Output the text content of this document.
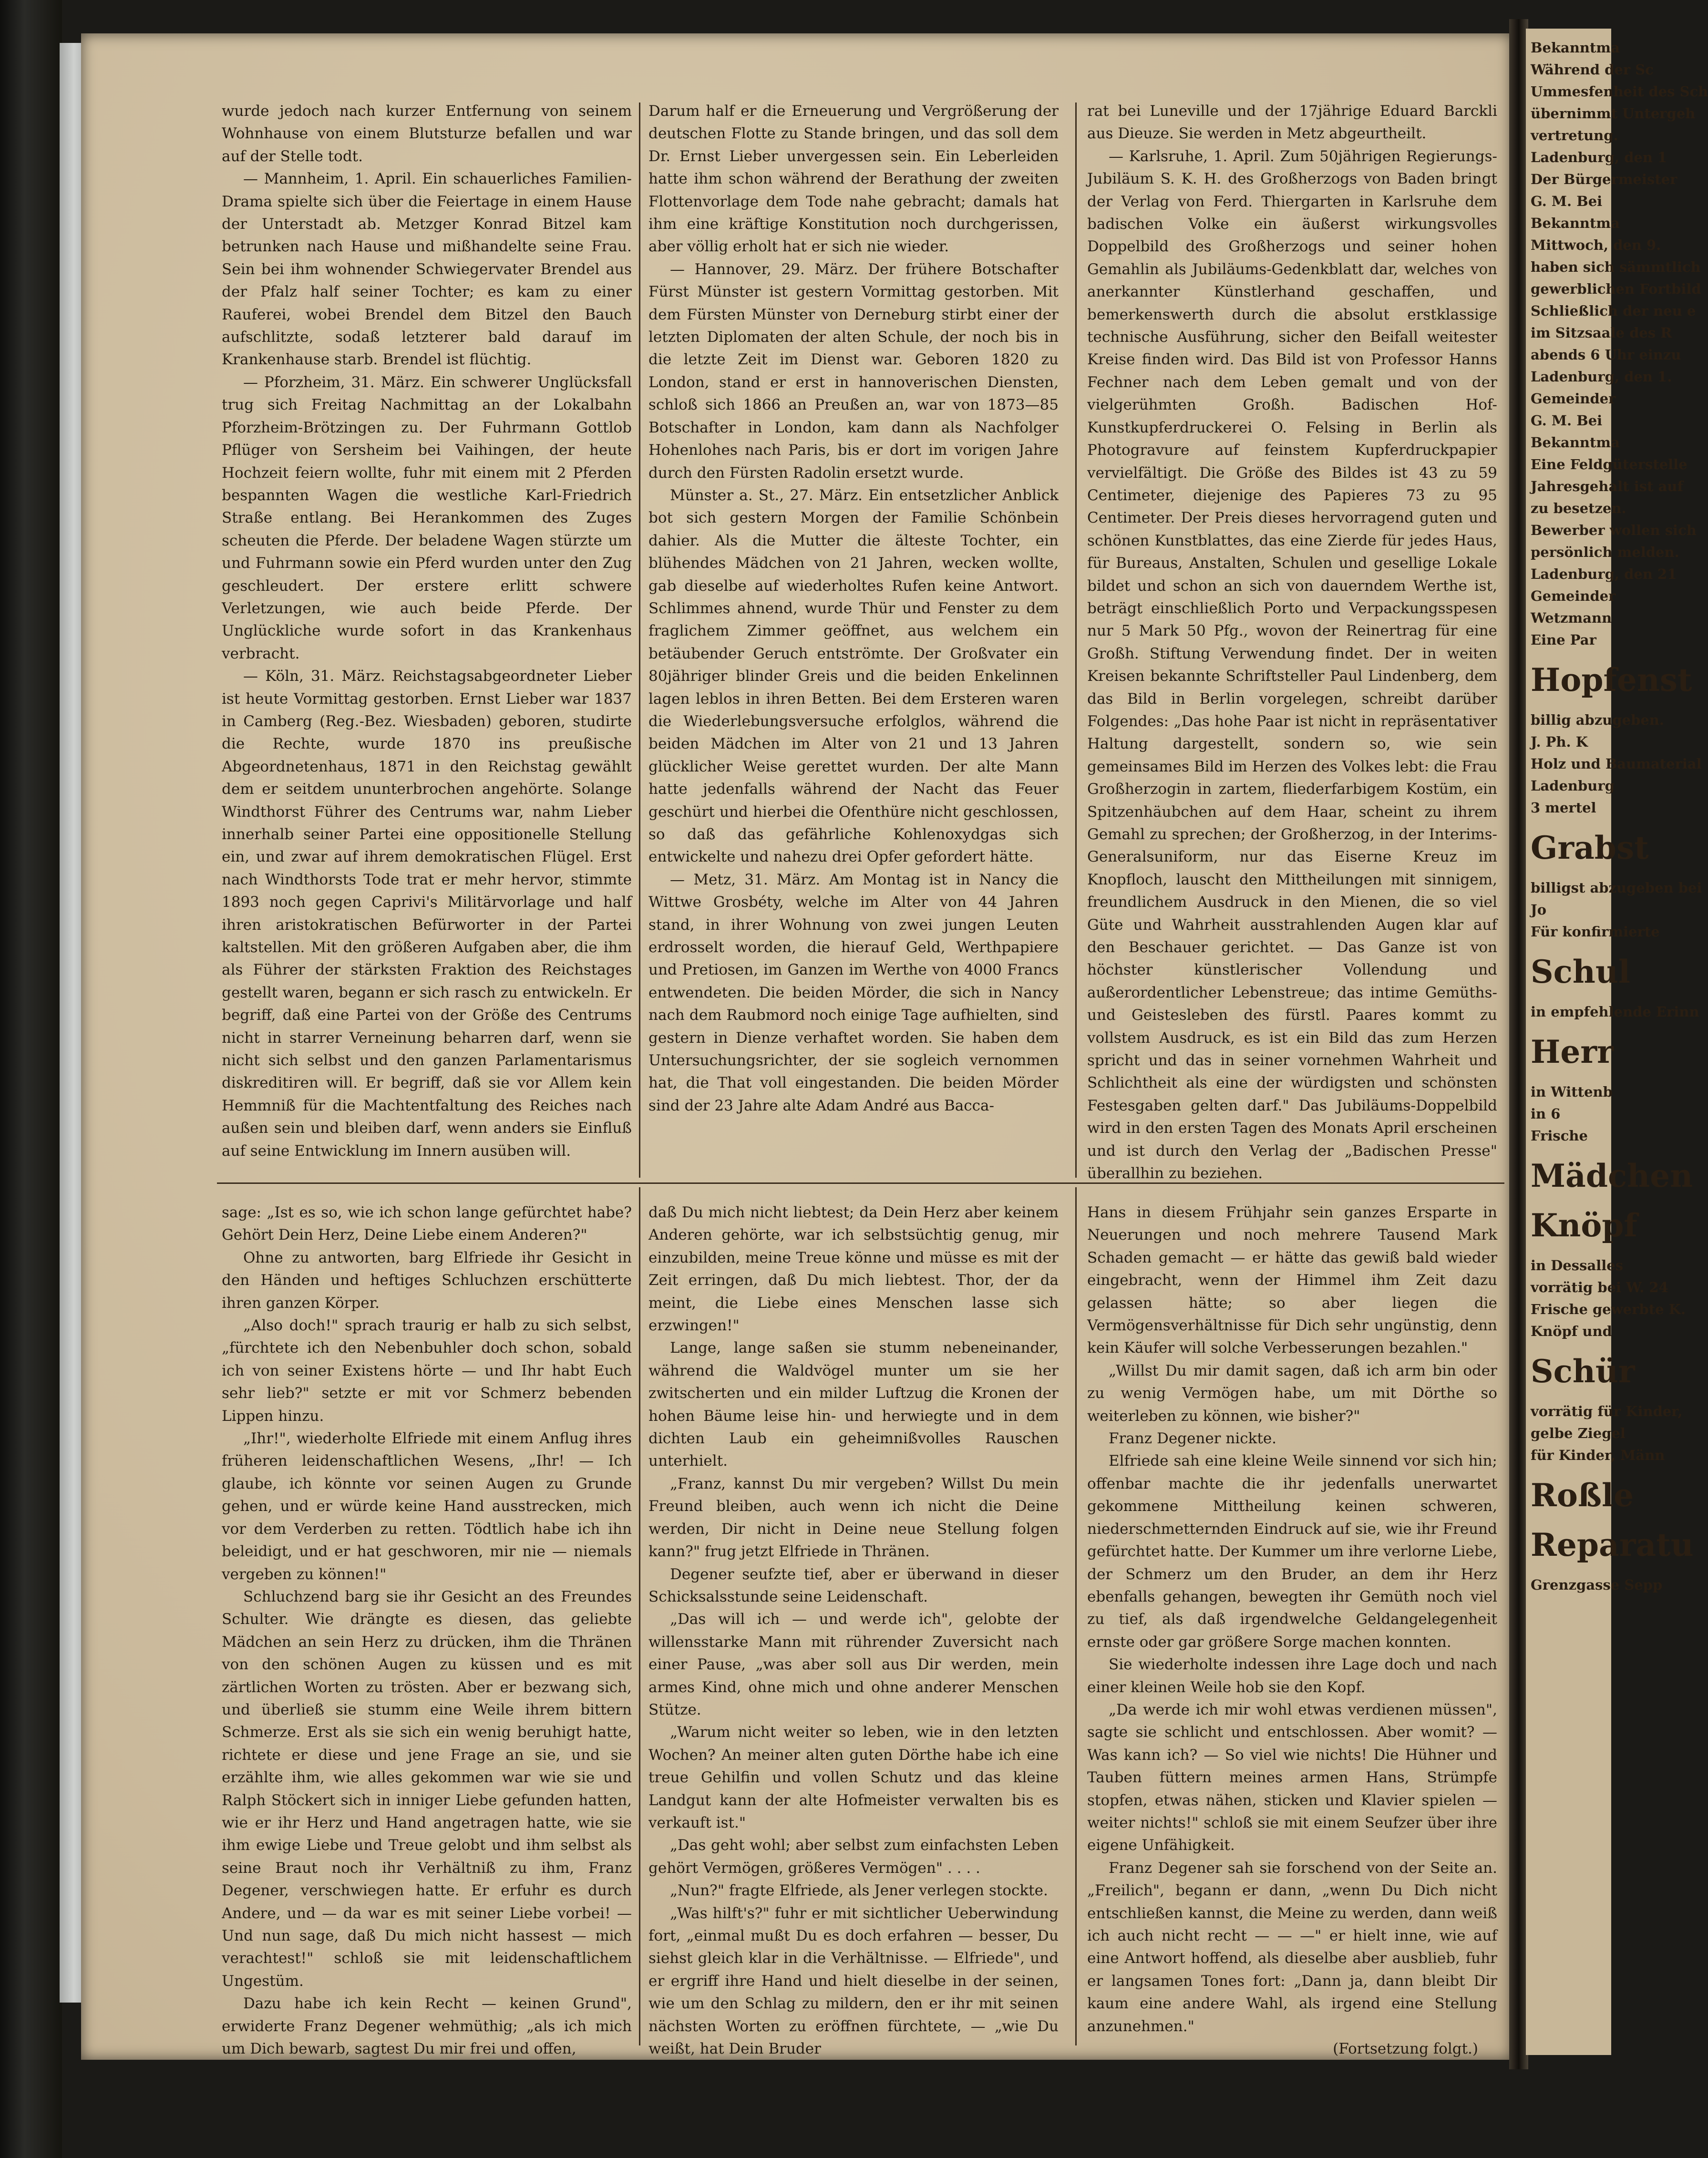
wurde jedoch nach kurzer Entfernung von seinem Wohnhause von einem Blutsturze befallen und war auf der Stelle todt.

— Mannheim, 1. April. Ein schauerliches Familien-Drama spielte sich über die Feiertage in einem Hause der Unterstadt ab. Metzger Konrad Bitzel kam betrunken nach Hause und mißhandelte seine Frau. Sein bei ihm wohnender Schwiegervater Brendel aus der Pfalz half seiner Tochter; es kam zu einer Rauferei, wobei Brendel dem Bitzel den Bauch aufschlitzte, sodaß letzterer bald darauf im Krankenhause starb. Brendel ist flüchtig.

— Pforzheim, 31. März. Ein schwerer Unglücksfall trug sich Freitag Nachmittag an der Lokalbahn Pforzheim-Brötzingen zu. Der Fuhrmann Gottlob Pflüger von Sersheim bei Vaihingen, der heute Hochzeit feiern wollte, fuhr mit einem mit 2 Pferden bespannten Wagen die westliche Karl-Friedrich Straße entlang. Bei Herankommen des Zuges scheuten die Pferde. Der beladene Wagen stürzte um und Fuhrmann sowie ein Pferd wurden unter den Zug geschleudert. Der erstere erlitt schwere Verletzungen, wie auch beide Pferde. Der Unglückliche wurde sofort in das Krankenhaus verbracht.

— Köln, 31. März. Reichstagsabgeordneter Lieber ist heute Vormittag gestorben. Ernst Lieber war 1837 in Camberg (Reg.-Bez. Wiesbaden) geboren, studirte die Rechte, wurde 1870 ins preußische Abgeordnetenhaus, 1871 in den Reichstag gewählt dem er seitdem ununterbrochen angehörte. Solange Windthorst Führer des Centrums war, nahm Lieber innerhalb seiner Partei eine oppositionelle Stellung ein, und zwar auf ihrem demokratischen Flügel. Erst nach Windthorsts Tode trat er mehr hervor, stimmte 1893 noch gegen Caprivi's Militärvorlage und half ihren aristokratischen Befürworter in der Partei kaltstellen. Mit den größeren Aufgaben aber, die ihm als Führer der stärksten Fraktion des Reichstages gestellt waren, begann er sich rasch zu entwickeln. Er begriff, daß eine Partei von der Größe des Centrums nicht in starrer Verneinung beharren darf, wenn sie nicht sich selbst und den ganzen Parlamentarismus diskreditiren will. Er begriff, daß sie vor Allem kein Hemmniß für die Machtentfaltung des Reiches nach außen sein und bleiben darf, wenn anders sie Einfluß auf seine Entwicklung im Innern ausüben will.

Darum half er die Erneuerung und Vergrößerung der deutschen Flotte zu Stande bringen, und das soll dem Dr. Ernst Lieber unvergessen sein. Ein Leberleiden hatte ihm schon während der Berathung der zweiten Flottenvorlage dem Tode nahe gebracht; damals hat ihm eine kräftige Konstitution noch durchgerissen, aber völlig erholt hat er sich nie wieder.

— Hannover, 29. März. Der frühere Botschafter Fürst Münster ist gestern Vormittag gestorben. Mit dem Fürsten Münster von Derneburg stirbt einer der letzten Diplomaten der alten Schule, der noch bis in die letzte Zeit im Dienst war. Geboren 1820 zu London, stand er erst in hannoverischen Diensten, schloß sich 1866 an Preußen an, war von 1873—85 Botschafter in London, kam dann als Nachfolger Hohenlohes nach Paris, bis er dort im vorigen Jahre durch den Fürsten Radolin ersetzt wurde.

Münster a. St., 27. März. Ein entsetzlicher Anblick bot sich gestern Morgen der Familie Schönbein dahier. Als die Mutter die älteste Tochter, ein blühendes Mädchen von 21 Jahren, wecken wollte, gab dieselbe auf wiederholtes Rufen keine Antwort. Schlimmes ahnend, wurde Thür und Fenster zu dem fraglichem Zimmer geöffnet, aus welchem ein betäubender Geruch entströmte. Der Großvater ein 80jähriger blinder Greis und die beiden Enkelinnen lagen leblos in ihren Betten. Bei dem Ersteren waren die Wiederlebungsversuche erfolglos, während die beiden Mädchen im Alter von 21 und 13 Jahren glücklicher Weise gerettet wurden. Der alte Mann hatte jedenfalls während der Nacht das Feuer geschürt und hierbei die Ofenthüre nicht geschlossen, so daß das gefährliche Kohlenoxydgas sich entwickelte und nahezu drei Opfer gefordert hätte.

— Metz, 31. März. Am Montag ist in Nancy die Wittwe Grosbéty, welche im Alter von 44 Jahren stand, in ihrer Wohnung von zwei jungen Leuten erdrosselt worden, die hierauf Geld, Werthpapiere und Pretiosen, im Ganzen im Werthe von 4000 Francs entwendeten. Die beiden Mörder, die sich in Nancy nach dem Raubmord noch einige Tage aufhielten, sind gestern in Dienze verhaftet worden. Sie haben dem Untersuchungsrichter, der sie sogleich vernommen hat, die That voll eingestanden. Die beiden Mörder sind der 23 Jahre alte Adam André aus Bacca-

rat bei Luneville und der 17jährige Eduard Barckli aus Dieuze. Sie werden in Metz abgeurtheilt.

— Karlsruhe, 1. April. Zum 50jährigen Regierungs-Jubiläum S. K. H. des Großherzogs von Baden bringt der Verlag von Ferd. Thiergarten in Karlsruhe dem badischen Volke ein äußerst wirkungsvolles Doppelbild des Großherzogs und seiner hohen Gemahlin als Jubiläums-Gedenkblatt dar, welches von anerkannter Künstlerhand geschaffen, und bemerkenswerth durch die absolut erstklassige technische Ausführung, sicher den Beifall weitester Kreise finden wird. Das Bild ist von Professor Hanns Fechner nach dem Leben gemalt und von der vielgerühmten Großh. Badischen Hof-Kunstkupferdruckerei O. Felsing in Berlin als Photogravure auf feinstem Kupferdruckpapier vervielfältigt. Die Größe des Bildes ist 43 zu 59 Centimeter, diejenige des Papieres 73 zu 95 Centimeter. Der Preis dieses hervorragend guten und schönen Kunstblattes, das eine Zierde für jedes Haus, für Bureaus, Anstalten, Schulen und gesellige Lokale bildet und schon an sich von dauerndem Werthe ist, beträgt einschließlich Porto und Verpackungsspesen nur 5 Mark 50 Pfg., wovon der Reinertrag für eine Großh. Stiftung Verwendung findet. Der in weiten Kreisen bekannte Schriftsteller Paul Lindenberg, dem das Bild in Berlin vorgelegen, schreibt darüber Folgendes: „Das hohe Paar ist nicht in repräsentativer Haltung dargestellt, sondern so, wie sein gemeinsames Bild im Herzen des Volkes lebt: die Frau Großherzogin in zartem, fliederfarbigem Kostüm, ein Spitzenhäubchen auf dem Haar, scheint zu ihrem Gemahl zu sprechen; der Großherzog, in der Interims-Generalsuniform, nur das Eiserne Kreuz im Knopfloch, lauscht den Mittheilungen mit sinnigem, freundlichem Ausdruck in den Mienen, die so viel Güte und Wahrheit ausstrahlenden Augen klar auf den Beschauer gerichtet. — Das Ganze ist von höchster künstlerischer Vollendung und außerordentlicher Lebenstreue; das intime Gemüths- und Geistesleben des fürstl. Paares kommt zu vollstem Ausdruck, es ist ein Bild das zum Herzen spricht und das in seiner vornehmen Wahrheit und Schlichtheit als eine der würdigsten und schönsten Festesgaben gelten darf." Das Jubiläums-Doppelbild wird in den ersten Tagen des Monats April erscheinen und ist durch den Verlag der „Badischen Presse" überallhin zu beziehen.

sage: „Ist es so, wie ich schon lange gefürchtet habe? Gehört Dein Herz, Deine Liebe einem Anderen?"

Ohne zu antworten, barg Elfriede ihr Gesicht in den Händen und heftiges Schluchzen erschütterte ihren ganzen Körper.

„Also doch!" sprach traurig er halb zu sich selbst, „fürchtete ich den Nebenbuhler doch schon, sobald ich von seiner Existens hörte — und Ihr habt Euch sehr lieb?" setzte er mit vor Schmerz bebenden Lippen hinzu.

„Ihr!", wiederholte Elfriede mit einem Anflug ihres früheren leidenschaftlichen Wesens, „Ihr! — Ich glaube, ich könnte vor seinen Augen zu Grunde gehen, und er würde keine Hand ausstrecken, mich vor dem Verderben zu retten. Tödtlich habe ich ihn beleidigt, und er hat geschworen, mir nie — niemals vergeben zu können!"

Schluchzend barg sie ihr Gesicht an des Freundes Schulter. Wie drängte es diesen, das geliebte Mädchen an sein Herz zu drücken, ihm die Thränen von den schönen Augen zu küssen und es mit zärtlichen Worten zu trösten. Aber er bezwang sich, und überließ sie stumm eine Weile ihrem bittern Schmerze. Erst als sie sich ein wenig beruhigt hatte, richtete er diese und jene Frage an sie, und sie erzählte ihm, wie alles gekommen war wie sie und Ralph Stöckert sich in inniger Liebe gefunden hatten, wie er ihr Herz und Hand angetragen hatte, wie sie ihm ewige Liebe und Treue gelobt und ihm selbst als seine Braut noch ihr Verhältniß zu ihm, Franz Degener, verschwiegen hatte. Er erfuhr es durch Andere, und — da war es mit seiner Liebe vorbei! — Und nun sage, daß Du mich nicht hassest — mich verachtest!" schloß sie mit leidenschaftlichem Ungestüm.

Dazu habe ich kein Recht — keinen Grund", erwiderte Franz Degener wehmüthig; „als ich mich um Dich bewarb, sagtest Du mir frei und offen,

daß Du mich nicht liebtest; da Dein Herz aber keinem Anderen gehörte, war ich selbstsüchtig genug, mir einzubilden, meine Treue könne und müsse es mit der Zeit erringen, daß Du mich liebtest. Thor, der da meint, die Liebe eines Menschen lasse sich erzwingen!"

Lange, lange saßen sie stumm nebeneinander, während die Waldvögel munter um sie her zwitscherten und ein milder Luftzug die Kronen der hohen Bäume leise hin- und herwiegte und in dem dichten Laub ein geheimnißvolles Rauschen unterhielt.

„Franz, kannst Du mir vergeben? Willst Du mein Freund bleiben, auch wenn ich nicht die Deine werden, Dir nicht in Deine neue Stellung folgen kann?" frug jetzt Elfriede in Thränen.

Degener seufzte tief, aber er überwand in dieser Schicksalsstunde seine Leidenschaft.

„Das will ich — und werde ich", gelobte der willensstarke Mann mit rührender Zuversicht nach einer Pause, „was aber soll aus Dir werden, mein armes Kind, ohne mich und ohne anderer Menschen Stütze.

„Warum nicht weiter so leben, wie in den letzten Wochen? An meiner alten guten Dörthe habe ich eine treue Gehilfin und vollen Schutz und das kleine Landgut kann der alte Hofmeister verwalten bis es verkauft ist."

„Das geht wohl; aber selbst zum einfachsten Leben gehört Vermögen, größeres Vermögen" . . . .

„Nun?" fragte Elfriede, als Jener verlegen stockte.

„Was hilft's?" fuhr er mit sichtlicher Ueberwindung fort, „einmal mußt Du es doch erfahren — besser, Du siehst gleich klar in die Verhältnisse. — Elfriede", und er ergriff ihre Hand und hielt dieselbe in der seinen, wie um den Schlag zu mildern, den er ihr mit seinen nächsten Worten zu eröffnen fürchtete, — „wie Du weißt, hat Dein Bruder

Hans in diesem Frühjahr sein ganzes Ersparte in Neuerungen und noch mehrere Tausend Mark Schaden gemacht — er hätte das gewiß bald wieder eingebracht, wenn der Himmel ihm Zeit dazu gelassen hätte; so aber liegen die Vermögensverhältnisse für Dich sehr ungünstig, denn kein Käufer will solche Verbesserungen bezahlen."

„Willst Du mir damit sagen, daß ich arm bin oder zu wenig Vermögen habe, um mit Dörthe so weiterleben zu können, wie bisher?"

Franz Degener nickte.

Elfriede sah eine kleine Weile sinnend vor sich hin; offenbar machte die ihr jedenfalls unerwartet gekommene Mittheilung keinen schweren, niederschmetternden Eindruck auf sie, wie ihr Freund gefürchtet hatte. Der Kummer um ihre verlorne Liebe, der Schmerz um den Bruder, an dem ihr Herz ebenfalls gehangen, bewegten ihr Gemüth noch viel zu tief, als daß irgendwelche Geldangelegenheit ernste oder gar größere Sorge machen konnten.

Sie wiederholte indessen ihre Lage doch und nach einer kleinen Weile hob sie den Kopf.

„Da werde ich mir wohl etwas verdienen müssen", sagte sie schlicht und entschlossen. Aber womit? — Was kann ich? — So viel wie nichts! Die Hühner und Tauben füttern meines armen Hans, Strümpfe stopfen, etwas nähen, sticken und Klavier spielen — weiter nichts!" schloß sie mit einem Seufzer über ihre eigene Unfähigkeit.

Franz Degener sah sie forschend von der Seite an. „Freilich", begann er dann, „wenn Du Dich nicht entschließen kannst, die Meine zu werden, dann weiß ich auch nicht recht — — —" er hielt inne, wie auf eine Antwort hoffend, als dieselbe aber ausblieb, fuhr er langsamen Tones fort: „Dann ja, dann bleibt Dir kaum eine andere Wahl, als irgend eine Stellung anzunehmen."

(Fortsetzung folgt.)

Bekanntma
Während der Sc
Ummesfenheit des Sch
übernimmt Untergeh
vertretung.
Ladenburg, den 1
Der Bürgermeister
G. M. Bei
Bekanntma
Mittwoch, den 9.
haben sich sämmtlich
gewerblichen Fortbild
Schließlich der neu e
im Sitzsaale des R
abends 6 Uhr einzu
Ladenburg, den 1.
Gemeinder
G. M. Bei
Bekanntma
Eine Feldgüterstelle
Jahresgehalt ist auf
zu besetzen.
Bewerber wollen sich
persönlich melden.
Ladenburg, den 21
Gemeinder
Wetzmann
Eine Par
Hopfenst
billig abzugeben.
J. Ph. K
Holz und Baumaterial
Ladenburg
3 mertel
Grabst
billigst abzugeben bei
Jo
Für konfirmierte
Schul
in empfehlende Erinn
Herr
in Wittenb
in 6
Frische
Mädchen
Knöpf
in Dessalles
vorrätig bei W. 24
Frische gewerbte K.
Knöpf und
Schür
vorrätig für Kinder,
gelbe Ziegel
für Kinder, Männ
Roßle
Reparatu
Grenzgasse Sepp
